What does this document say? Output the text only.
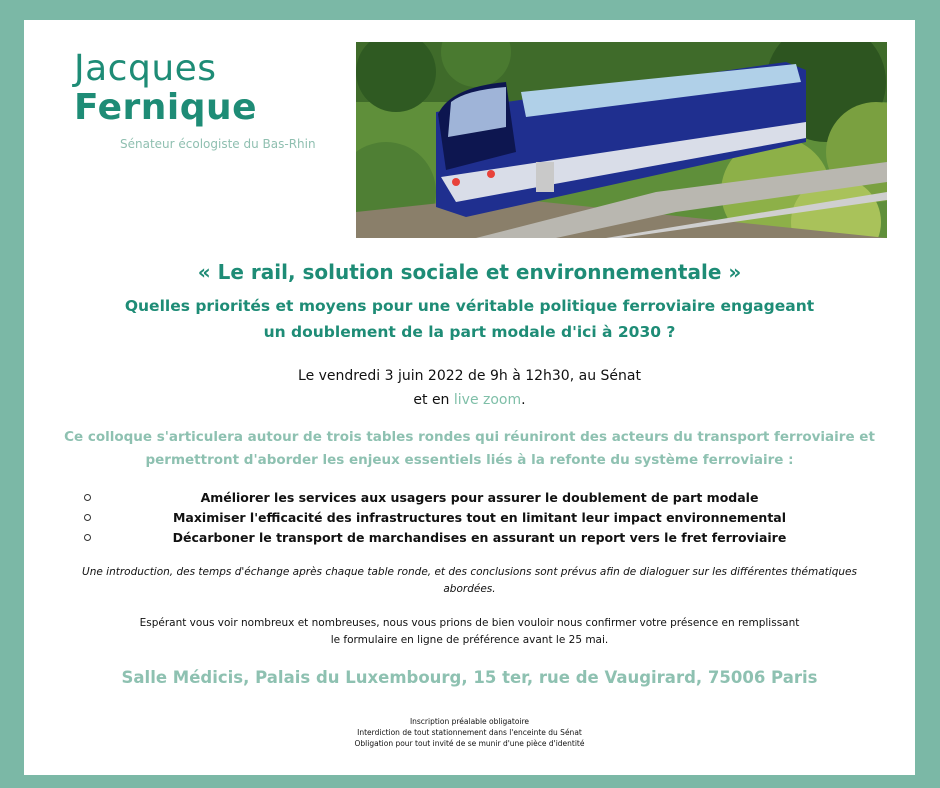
Jacques
Fernique
Sénateur écologiste du Bas-Rhin
« Le rail, solution sociale et environnementale »
Quelles priorités et moyens pour une véritable politique ferroviaire engageant
un doublement de la part modale d'ici à 2030 ?
Le vendredi 3 juin 2022 de 9h à 12h30, au Sénat
et en live zoom.
Ce colloque s'articulera autour de trois tables rondes qui réuniront des acteurs du transport ferroviaire et
permettront d'aborder les enjeux essentiels liés à la refonte du système ferroviaire :
Améliorer les services aux usagers pour assurer le doublement de part modale
Maximiser l'efficacité des infrastructures tout en limitant leur impact environnemental
Décarboner le transport de marchandises en assurant un report vers le fret ferroviaire
Une introduction, des temps d'échange après chaque table ronde, et des conclusions sont prévus afin de dialoguer sur les différentes thématiques
abordées.
Espérant vous voir nombreux et nombreuses, nous vous prions de bien vouloir nous confirmer votre présence en remplissant
le formulaire en ligne de préférence avant le 25 mai.
Salle Médicis, Palais du Luxembourg, 15 ter, rue de Vaugirard, 75006 Paris
Inscription préalable obligatoire
Interdiction de tout stationnement dans l'enceinte du Sénat
Obligation pour tout invité de se munir d'une pièce d'identité
